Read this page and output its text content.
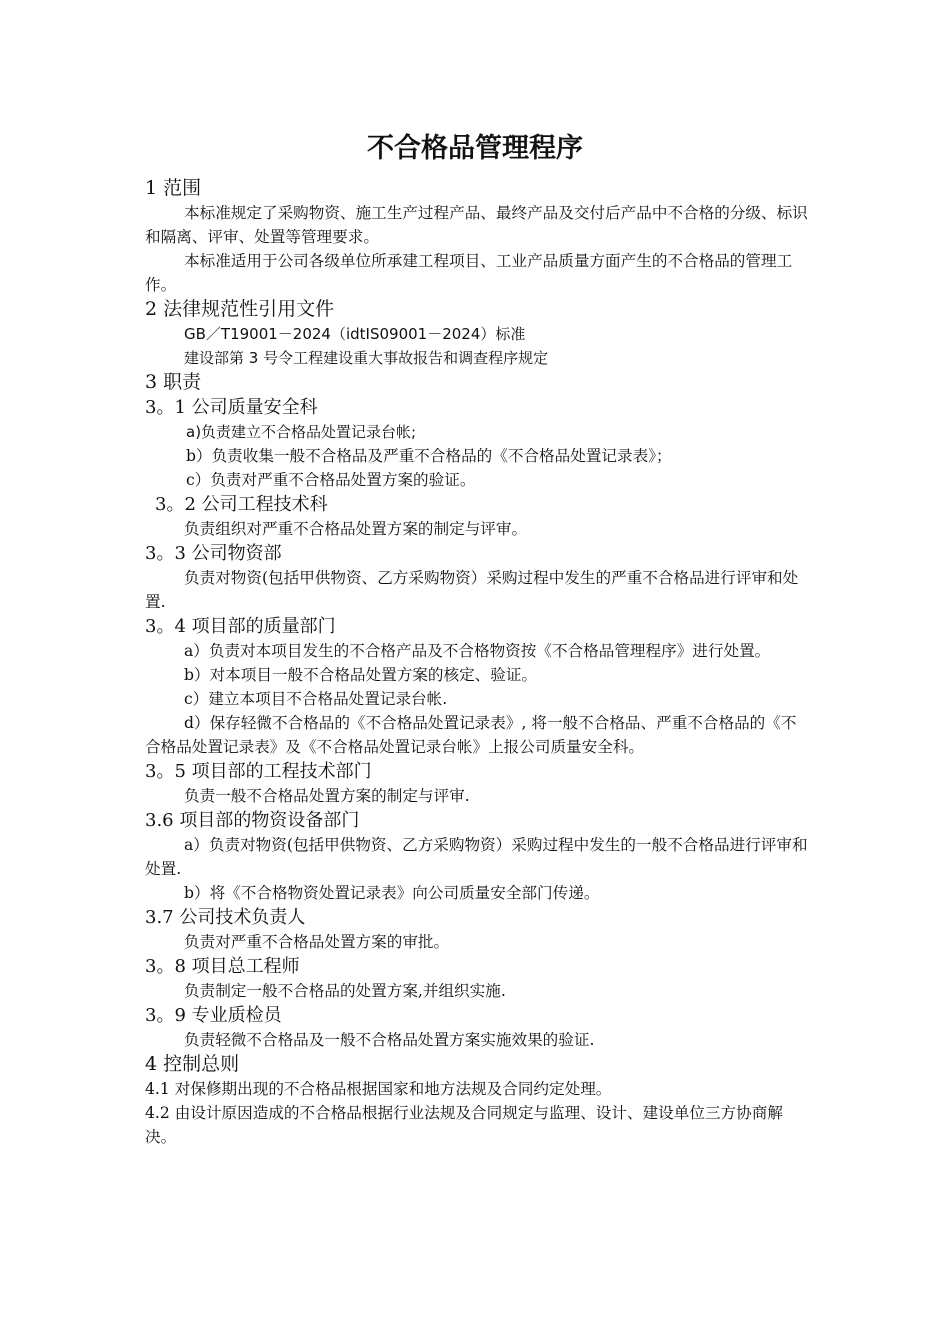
不合格品管理程序
1 范围
本标准规定了采购物资、施工生产过程产品、最终产品及交付后产品中不合格的分级、标识和隔离、评审、处置等管理要求。
本标准适用于公司各级单位所承建工程项目、工业产品质量方面产生的不合格品的管理工作。
2 法律规范性引用文件
GB／T19001－2024（idtIS09001－2024）标准
建设部第 3 号令工程建设重大事故报告和调查程序规定
3 职责
3。1 公司质量安全科
a)负责建立不合格品处置记录台帐;
b）负责收集一般不合格品及严重不合格品的《不合格品处置记录表》；
c）负责对严重不合格品处置方案的验证。
3。2 公司工程技术科
负责组织对严重不合格品处置方案的制定与评审。
3。3 公司物资部
负责对物资(包括甲供物资、乙方采购物资）采购过程中发生的严重不合格品进行评审和处置.
3。4 项目部的质量部门
a）负责对本项目发生的不合格产品及不合格物资按《不合格品管理程序》进行处置。
b）对本项目一般不合格品处置方案的核定、验证。
c）建立本项目不合格品处置记录台帐.
d）保存轻微不合格品的《不合格品处置记录表》, 将一般不合格品、严重不合格品的《不合格品处置记录表》及《不合格品处置记录台帐》上报公司质量安全科。
3。5 项目部的工程技术部门
负责一般不合格品处置方案的制定与评审.
3.6 项目部的物资设备部门
a）负责对物资(包括甲供物资、乙方采购物资）采购过程中发生的一般不合格品进行评审和处置.
b）将《不合格物资处置记录表》向公司质量安全部门传递。
3.7 公司技术负责人
负责对严重不合格品处置方案的审批。
3。8 项目总工程师
负责制定一般不合格品的处置方案,并组织实施.
3。9 专业质检员
负责轻微不合格品及一般不合格品处置方案实施效果的验证.
4 控制总则
4.1 对保修期出现的不合格品根据国家和地方法规及合同约定处理。
4.2 由设计原因造成的不合格品根据行业法规及合同规定与监理、设计、建设单位三方协商解决。
